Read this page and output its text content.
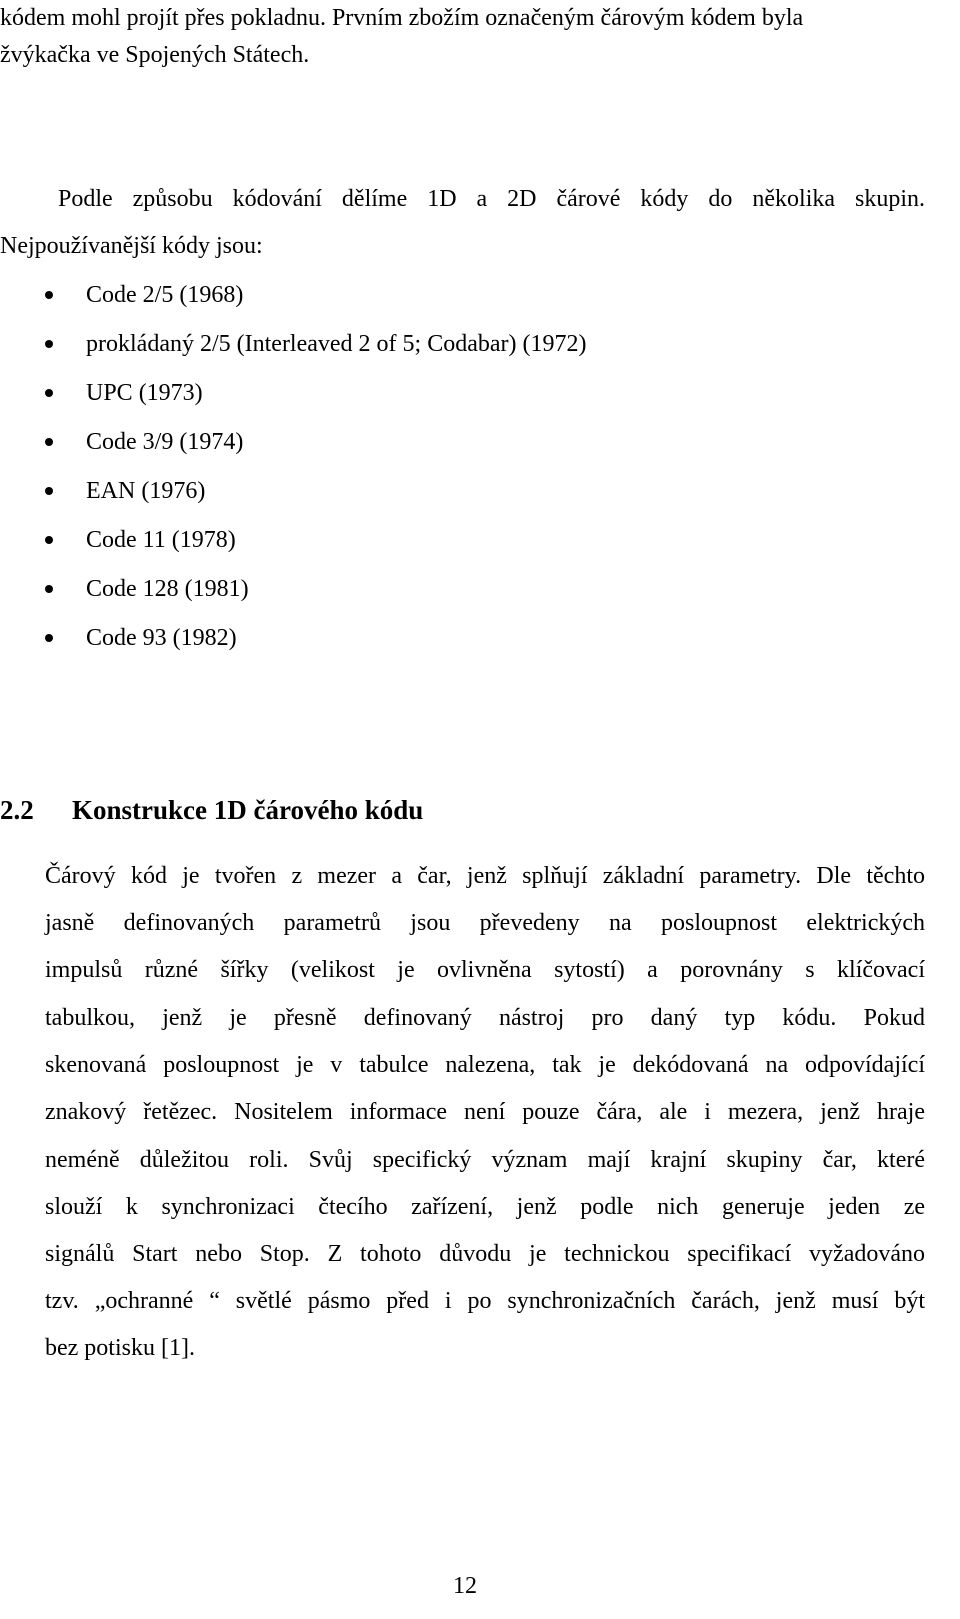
kódem mohl projít přes pokladnu. Prvním zbožím označeným čárovým kódem byla
žvýkačka ve Spojených Státech.
Podle způsobu kódování dělíme 1D a 2D čárové kódy do několika skupin.
Nejpoužívanější kódy jsou:
Code 2/5 (1968)
prokládaný 2/5 (Interleaved 2 of 5; Codabar) (1972)
UPC (1973)
Code 3/9 (1974)
EAN (1976)
Code 11 (1978)
Code 128 (1981)
Code 93 (1982)
2.2 Konstrukce 1D čárového kódu
Čárový kód je tvořen z mezer a čar, jenž splňují základní parametry. Dle těchto
jasně definovaných parametrů jsou převedeny na posloupnost elektrických
impulsů různé šířky (velikost je ovlivněna sytostí) a porovnány s klíčovací
tabulkou, jenž je přesně definovaný nástroj pro daný typ kódu. Pokud
skenovaná posloupnost je v tabulce nalezena, tak je dekódovaná na odpovídající
znakový řetězec. Nositelem informace není pouze čára, ale i mezera, jenž hraje
neméně důležitou roli. Svůj specifický význam mají krajní skupiny čar, které
slouží k synchronizaci čtecího zařízení, jenž podle nich generuje jeden ze
signálů Start nebo Stop. Z tohoto důvodu je technickou specifikací vyžadováno
tzv. „ochranné “ světlé pásmo před i po synchronizačních čarách, jenž musí být
bez potisku [1].
12
